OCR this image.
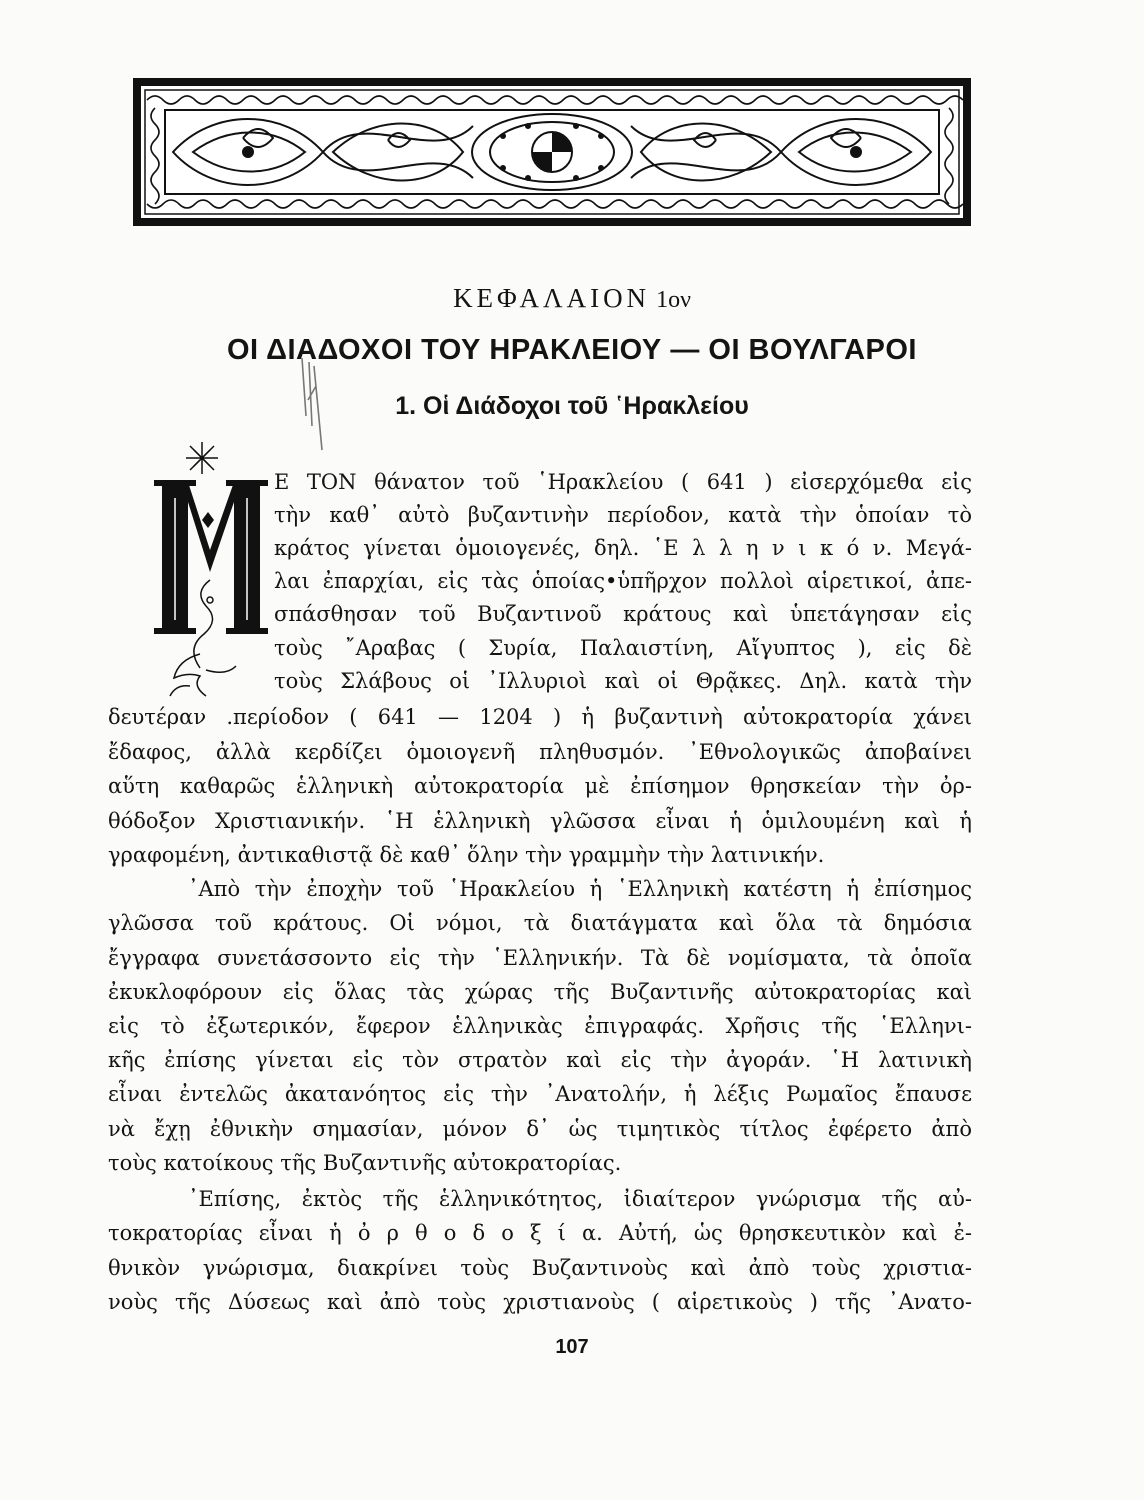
ΚΕΦΑΛΑΙΟΝ 1ον
ΟΙ ΔΙΑΔΟΧΟΙ ΤΟΥ ΗΡΑΚΛΕΙΟΥ — ΟΙ ΒΟΥΛΓΑΡΟΙ
1. Οἱ Διάδοχοι τοῦ ῾Ηρακλείου
Μ
Ε ΤΟΝ θάνατον τοῦ ῾Ηρακλείου ( 641 ) εἰσερχόμεθα εἰς
τὴν καθ᾽ αὐτὸ βυζαντινὴν περίοδον, κατὰ τὴν ὁποίαν τὸ
κράτος γίνεται ὁμοιογενές, δηλ. ῾Ε λ λ η ν ι κ ό ν. Μεγά-
λαι ἐπαρχίαι, εἰς τὰς ὁποίας•ὑπῆρχον πολλοὶ αἱρετικοί, ἀπε-
σπάσθησαν τοῦ Βυζαντινοῦ κράτους καὶ ὑπετάγησαν εἰς
τοὺς ῎Αραβας ( Συρία, Παλαιστίνη, Αἴγυπτος ), εἰς δὲ
τοὺς Σλάβους οἱ ᾽Ιλλυριοὶ καὶ οἱ Θρᾷκες. Δηλ. κατὰ τὴν
δευτέραν .περίοδον ( 641 — 1204 ) ἡ βυζαντινὴ αὐτοκρατορία χάνει
ἔδαφος, ἀλλὰ κερδίζει ὁμοιογενῆ πληθυσμόν. ᾽Εθνολογικῶς ἀποβαίνει
αὕτη καθαρῶς ἑλληνικὴ αὐτοκρατορία μὲ ἐπίσημον θρησκείαν τὴν ὀρ-
θόδοξον Χριστιανικήν. ῾Η ἑλληνικὴ γλῶσσα εἶναι ἡ ὁμιλουμένη καὶ ἡ
γραφομένη, ἀντικαθιστᾷ δὲ καθ᾽ ὅλην τὴν γραμμὴν τὴν λατινικήν.
᾽Απὸ τὴν ἐποχὴν τοῦ ῾Ηρακλείου ἡ ῾Ελληνικὴ κατέστη ἡ ἐπίσημος
γλῶσσα τοῦ κράτους. Οἱ νόμοι, τὰ διατάγματα καὶ ὅλα τὰ δημόσια
ἔγγραφα συνετάσσοντο εἰς τὴν ῾Ελληνικήν. Τὰ δὲ νομίσματα, τὰ ὁποῖα
ἐκυκλοφόρουν εἰς ὅλας τὰς χώρας τῆς Βυζαντινῆς αὐτοκρατορίας καὶ
εἰς τὸ ἐξωτερικόν, ἔφερον ἑλληνικὰς ἐπιγραφάς. Χρῆσις τῆς ῾Ελληνι-
κῆς ἐπίσης γίνεται εἰς τὸν στρατὸν καὶ εἰς τὴν ἀγοράν. ῾Η λατινικὴ
εἶναι ἐντελῶς ἀκατανόητος εἰς τὴν ᾽Ανατολήν, ἡ λέξις Ρωμαῖος ἔπαυσε
νὰ ἔχῃ ἐθνικὴν σημασίαν, μόνον δ᾽ ὡς τιμητικὸς τίτλος ἐφέρετο ἀπὸ
τοὺς κατοίκους τῆς Βυζαντινῆς αὐτοκρατορίας.
᾽Επίσης, ἐκτὸς τῆς ἑλληνικότητος, ἰδιαίτερον γνώρισμα τῆς αὐ-
τοκρατορίας εἶναι ἡ ὀ ρ θ ο δ ο ξ ί α. Αὐτή, ὡς θρησκευτικὸν καὶ ἐ-
θνικὸν γνώρισμα, διακρίνει τοὺς Βυζαντινοὺς καὶ ἀπὸ τοὺς χριστια-
νοὺς τῆς Δύσεως καὶ ἀπὸ τοὺς χριστιανοὺς ( αἱρετικοὺς ) τῆς ᾽Ανατο-
107
